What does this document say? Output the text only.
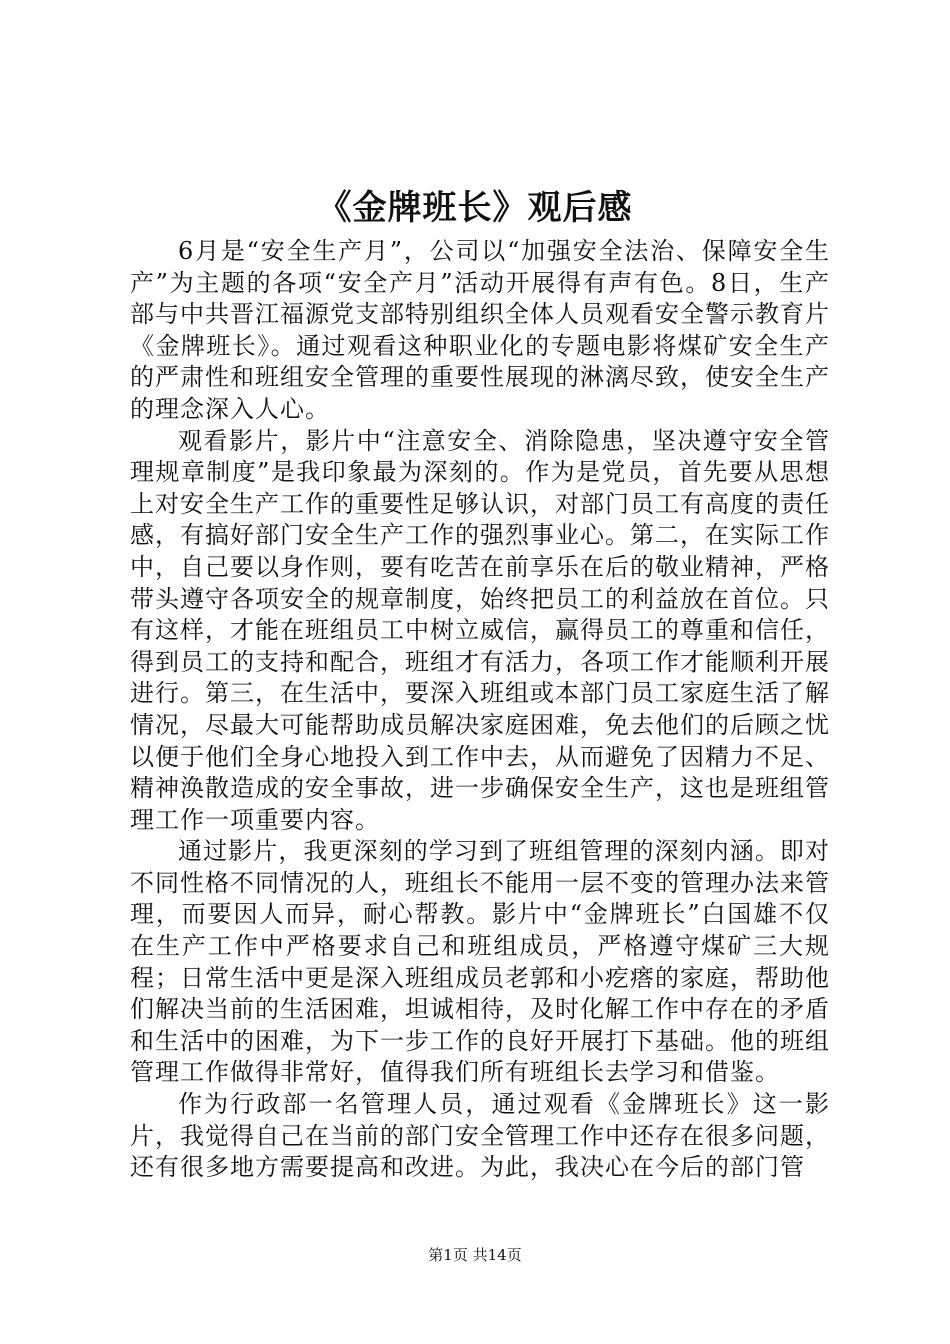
《金牌班长》观后感

6月是“安全生产月”，公司以“加强安全法治、保障安全生产”为主题的各项“安全产月”活动开展得有声有色。8日，生产部与中共晋江福源党支部特别组织全体人员观看安全警示教育片《金牌班长》。通过观看这种职业化的专题电影将煤矿安全生产的严肃性和班组安全管理的重要性展现的淋漓尽致，使安全生产的理念深入人心。

观看影片，影片中“注意安全、消除隐患，坚决遵守安全管理规章制度”是我印象最为深刻的。作为是党员，首先要从思想上对安全生产工作的重要性足够认识，对部门员工有高度的责任感，有搞好部门安全生产工作的强烈事业心。第二，在实际工作中，自己要以身作则，要有吃苦在前享乐在后的敬业精神，严格带头遵守各项安全的规章制度，始终把员工的利益放在首位。只有这样，才能在班组员工中树立威信，赢得员工的尊重和信任，得到员工的支持和配合，班组才有活力，各项工作才能顺利开展进行。第三，在生活中，要深入班组或本部门员工家庭生活了解情况，尽最大可能帮助成员解决家庭困难，免去他们的后顾之忧以便于他们全身心地投入到工作中去，从而避免了因精力不足、精神涣散造成的安全事故，进一步确保安全生产，这也是班组管理工作一项重要内容。

通过影片，我更深刻的学习到了班组管理的深刻内涵。即对不同性格不同情况的人，班组长不能用一层不变的管理办法来管理，而要因人而异，耐心帮教。影片中“金牌班长”白国雄不仅在生产工作中严格要求自己和班组成员，严格遵守煤矿三大规程；日常生活中更是深入班组成员老郭和小疙瘩的家庭，帮助他们解决当前的生活困难，坦诚相待，及时化解工作中存在的矛盾和生活中的困难，为下一步工作的良好开展打下基础。他的班组管理工作做得非常好，值得我们所有班组长去学习和借鉴。

作为行政部一名管理人员，通过观看《金牌班长》这一影片，我觉得自己在当前的部门安全管理工作中还存在很多问题，还有很多地方需要提高和改进。为此，我决心在今后的部门管

第1页 共14页
